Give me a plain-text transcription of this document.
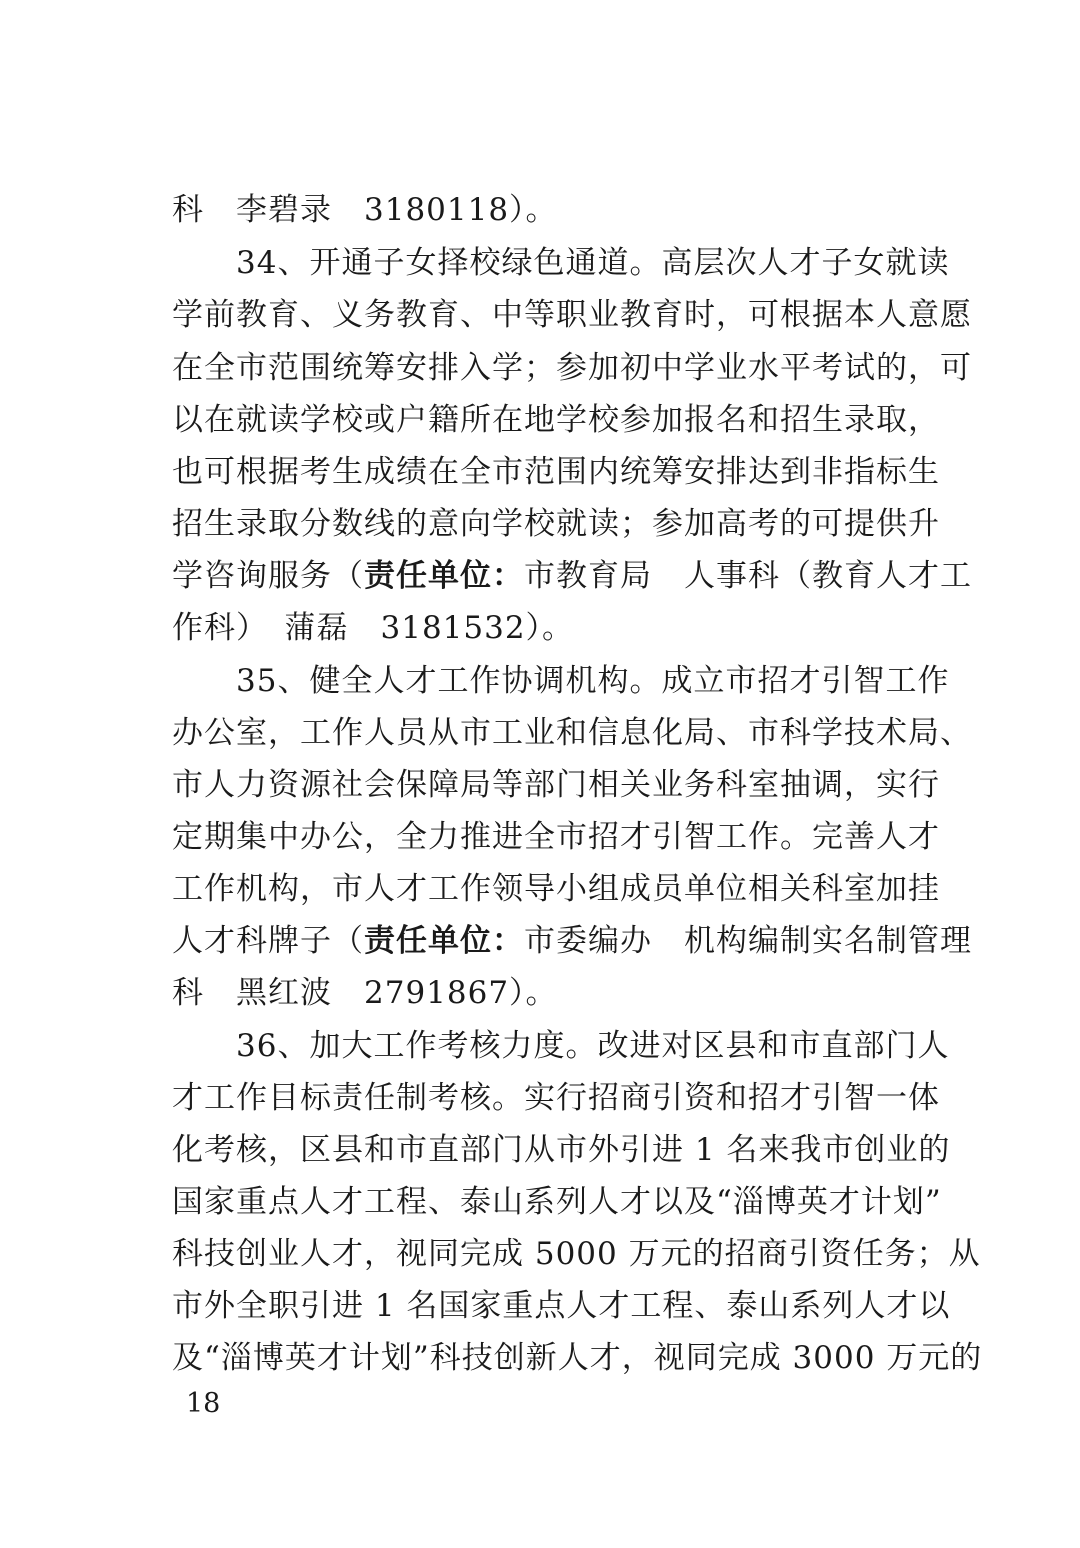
科　李碧录　3180118）。
　　34、开通子女择校绿色通道。高层次人才子女就读
学前教育、义务教育、中等职业教育时，可根据本人意愿
在全市范围统筹安排入学；参加初中学业水平考试的，可
以在就读学校或户籍所在地学校参加报名和招生录取，
也可根据考生成绩在全市范围内统筹安排达到非指标生
招生录取分数线的意向学校就读；参加高考的可提供升
学咨询服务（责任单位：市教育局　人事科（教育人才工
作科）　蒲磊　3181532）。
　　35、健全人才工作协调机构。成立市招才引智工作
办公室，工作人员从市工业和信息化局、市科学技术局、
市人力资源社会保障局等部门相关业务科室抽调，实行
定期集中办公，全力推进全市招才引智工作。完善人才
工作机构，市人才工作领导小组成员单位相关科室加挂
人才科牌子（责任单位：市委编办　机构编制实名制管理
科　黑红波　2791867）。
　　36、加大工作考核力度。改进对区县和市直部门人
才工作目标责任制考核。实行招商引资和招才引智一体
化考核，区县和市直部门从市外引进 1 名来我市创业的
国家重点人才工程、泰山系列人才以及“淄博英才计划”
科技创业人才，视同完成 5000 万元的招商引资任务；从
市外全职引进 1 名国家重点人才工程、泰山系列人才以
及“淄博英才计划”科技创新人才，视同完成 3000 万元的
18
